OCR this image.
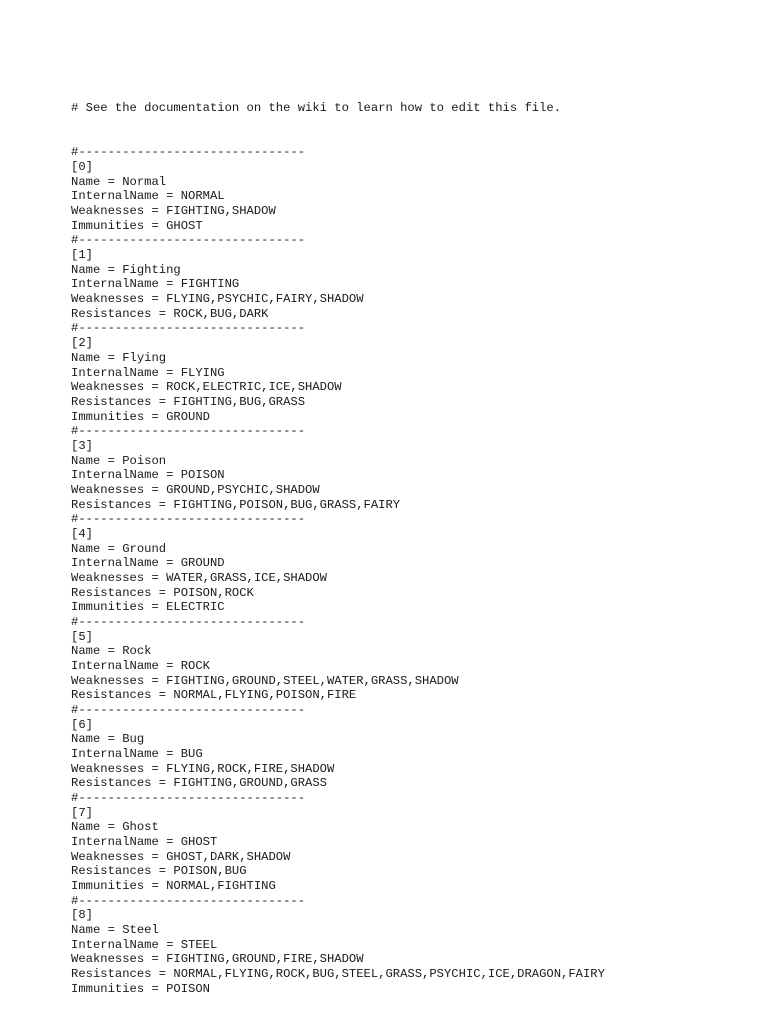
# See the documentation on the wiki to learn how to edit this file.

#-------------------------------
[0]
Name = Normal
InternalName = NORMAL
Weaknesses = FIGHTING,SHADOW
Immunities = GHOST
#-------------------------------
[1]
Name = Fighting
InternalName = FIGHTING
Weaknesses = FLYING,PSYCHIC,FAIRY,SHADOW
Resistances = ROCK,BUG,DARK
#-------------------------------
[2]
Name = Flying
InternalName = FLYING
Weaknesses = ROCK,ELECTRIC,ICE,SHADOW
Resistances = FIGHTING,BUG,GRASS
Immunities = GROUND
#-------------------------------
[3]
Name = Poison
InternalName = POISON
Weaknesses = GROUND,PSYCHIC,SHADOW
Resistances = FIGHTING,POISON,BUG,GRASS,FAIRY
#-------------------------------
[4]
Name = Ground
InternalName = GROUND
Weaknesses = WATER,GRASS,ICE,SHADOW
Resistances = POISON,ROCK
Immunities = ELECTRIC
#-------------------------------
[5]
Name = Rock
InternalName = ROCK
Weaknesses = FIGHTING,GROUND,STEEL,WATER,GRASS,SHADOW
Resistances = NORMAL,FLYING,POISON,FIRE
#-------------------------------
[6]
Name = Bug
InternalName = BUG
Weaknesses = FLYING,ROCK,FIRE,SHADOW
Resistances = FIGHTING,GROUND,GRASS
#-------------------------------
[7]
Name = Ghost
InternalName = GHOST
Weaknesses = GHOST,DARK,SHADOW
Resistances = POISON,BUG
Immunities = NORMAL,FIGHTING
#-------------------------------
[8]
Name = Steel
InternalName = STEEL
Weaknesses = FIGHTING,GROUND,FIRE,SHADOW
Resistances = NORMAL,FLYING,ROCK,BUG,STEEL,GRASS,PSYCHIC,ICE,DRAGON,FAIRY
Immunities = POISON
